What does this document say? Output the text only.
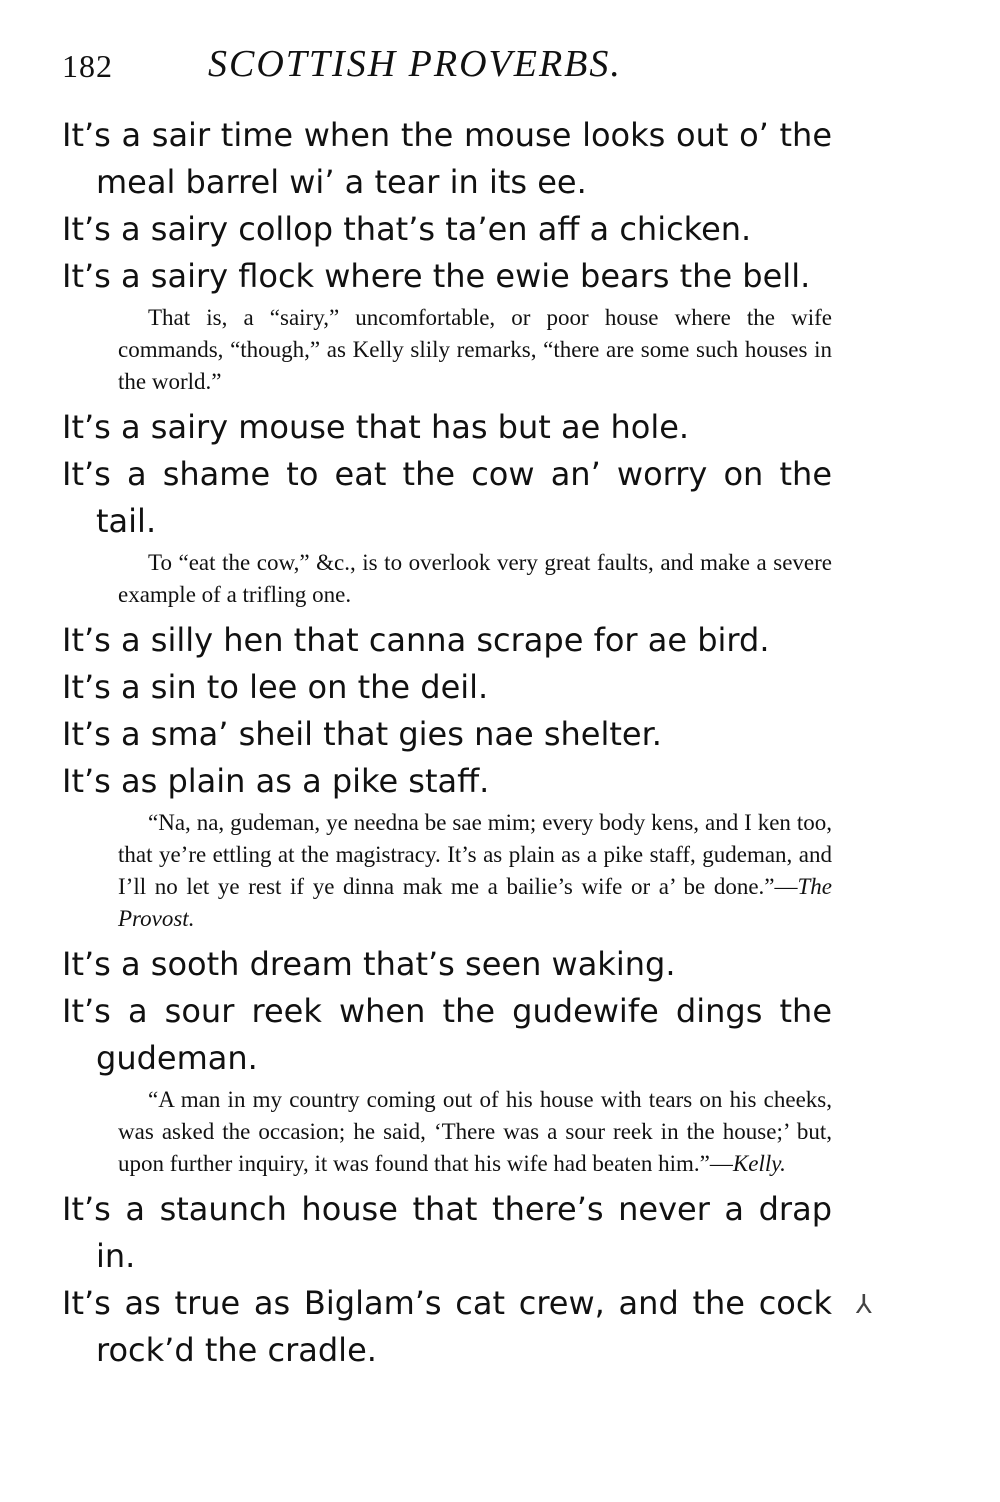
182	SCOTTISH PROVERBS.

It’s a sair time when the mouse looks out o’ the meal barrel wi’ a tear in its ee.

It’s a sairy collop that’s ta’en aff a chicken.

It’s a sairy flock where the ewie bears the bell.

That is, a “sairy,” uncomfortable, or poor house where the wife commands, “though,” as Kelly slily remarks, “there are some such houses in the world.”

It’s a sairy mouse that has but ae hole.

It’s a shame to eat the cow an’ worry on the tail.

To “eat the cow,” &c., is to overlook very great faults, and make a severe example of a trifling one.

It’s a silly hen that canna scrape for ae bird.

It’s a sin to lee on the deil.

It’s a sma’ sheil that gies nae shelter.

It’s as plain as a pike staff.

“Na, na, gudeman, ye needna be sae mim; every body kens, and I ken too, that ye’re ettling at the magistracy. It’s as plain as a pike staff, gudeman, and I’ll no let ye rest if ye dinna mak me a bailie’s wife or a’ be done.”—The Provost.

It’s a sooth dream that’s seen waking.

It’s a sour reek when the gudewife dings the gudeman.

“A man in my country coming out of his house with tears on his cheeks, was asked the occasion; he said, ‘There was a sour reek in the house;’ but, upon further inquiry, it was found that his wife had beaten him.”—Kelly.

It’s a staunch house that there’s never a drap in.

It’s as true as Biglam’s cat crew, and the cock rock’d the cradle.

⅄
